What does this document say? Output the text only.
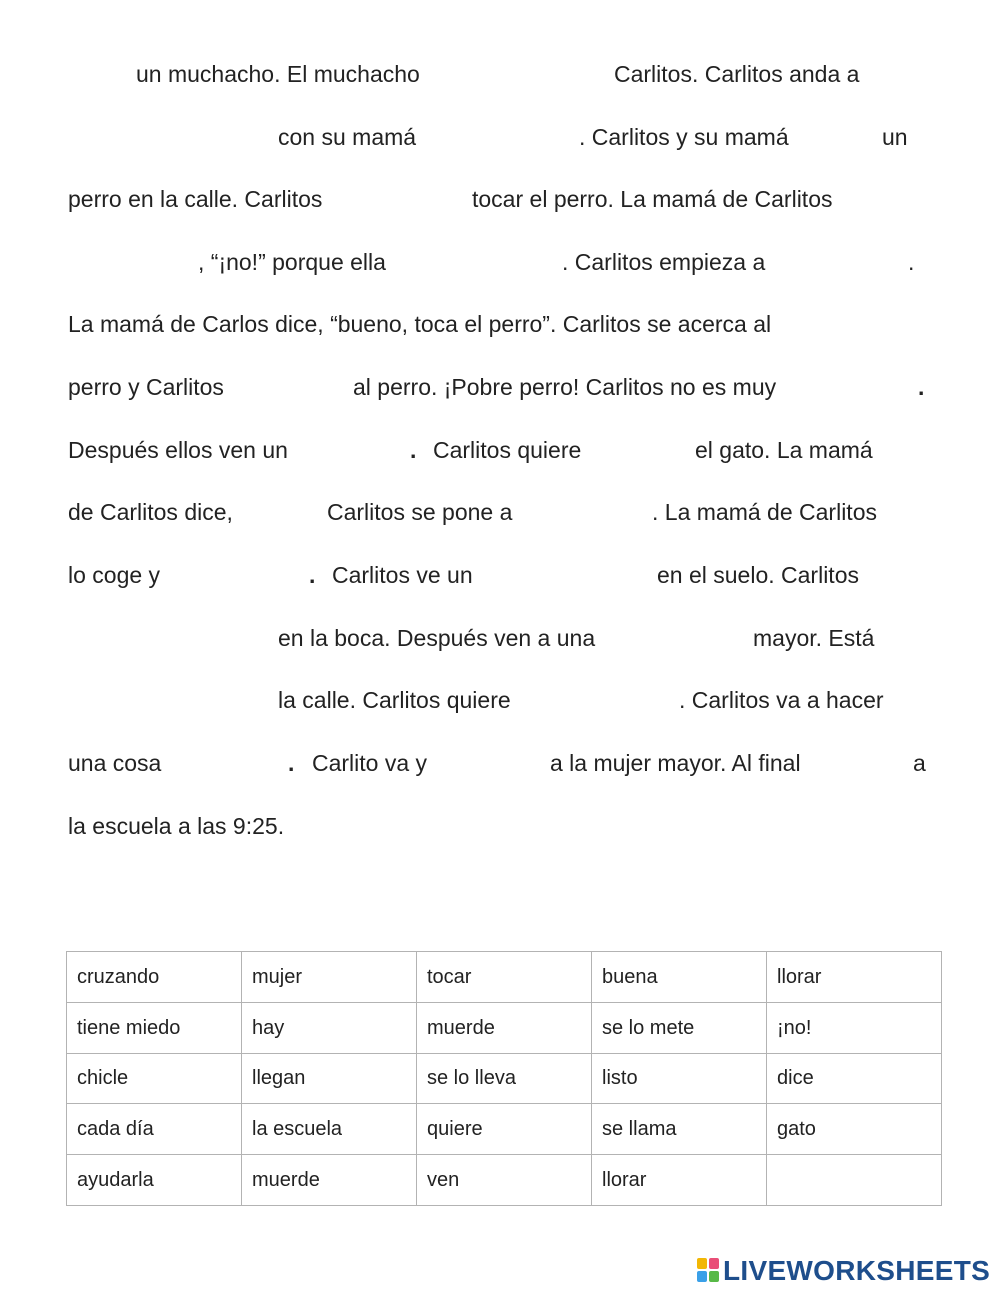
un muchacho. El muchacho	Carlitos. Carlitos anda a
con su mamá	. Carlitos y su mamá	un
perro en la calle. Carlitos	tocar el perro. La mamá de Carlitos
, “¡no!” porque ella	. Carlitos empieza a	.
La mamá de Carlos dice, “bueno, toca el perro”. Carlitos se acerca al
perro y Carlitos	al perro. ¡Pobre perro! Carlitos no es muy	.
Después ellos ven un	. Carlitos quiere	el gato. La mamá
de Carlitos dice,	Carlitos se pone a	. La mamá de Carlitos
lo coge y	. Carlitos ve un	en el suelo. Carlitos
en la boca. Después ven a una	mayor. Está
la calle. Carlitos quiere	. Carlitos va a hacer
una cosa	. Carlito va y	a la mujer mayor. Al final	a
la escuela a las 9:25.
cruzando	mujer	tocar	buena	llorar
tiene miedo	hay	muerde	se lo mete	¡no!
chicle	llegan	se lo lleva	listo	dice
cada día	la escuela	quiere	se llama	gato
ayudarla	muerde	ven	llorar	
LIVEWORKSHEETS
